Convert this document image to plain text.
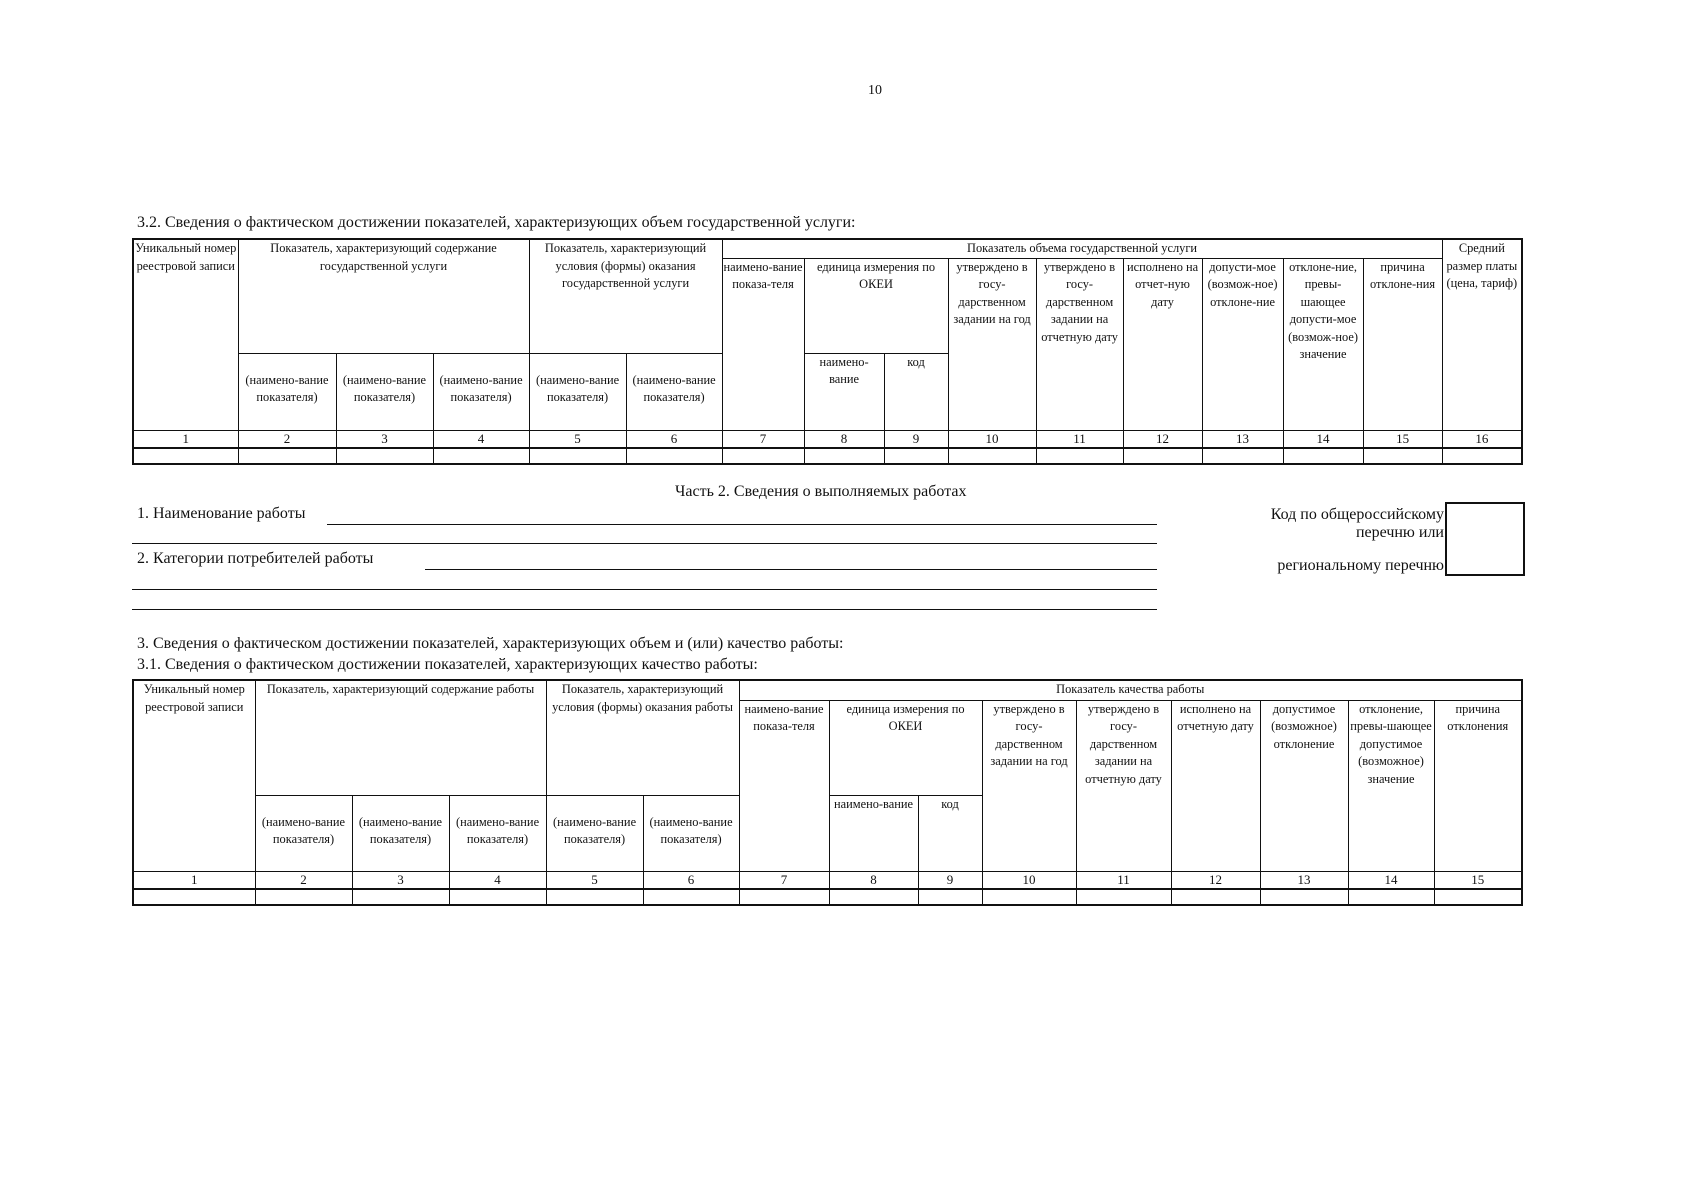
10
3.2. Сведения о фактическом достижении показателей, характеризующих объем государственной услуги:
Уникальный номер реестровой записи	Показатель, характеризующий содержание государственной услуги			Показатель, характеризующий условия (формы) оказания государственной услуги		Показатель объема государственной услуги									Средний размер платы (цена, тариф)
						наимено-вание показа-теля	единица измерения по ОКЕИ		утверждено в госу-дарственном задании на год	утверждено в госу-дарственном задании на отчетную дату	исполнено на отчет-ную дату	допусти-мое (возмож-ное) отклоне-ние	отклоне-ние, превы-шающее допусти-мое (возмож-ное) значение	причина отклоне-ния	
	(наимено-вание показателя)	(наимено-вание показателя)	(наимено-вание показателя)	(наимено-вание показателя)	(наимено-вание показателя)		наимено-вание	код							
1	2	3	4	5	6	7	8	9	10	11	12	13	14	15	16

Часть 2. Сведения о выполняемых работах
1. Наименование работы
2. Категории потребителей работы
Код по общероссийскому
перечню или
региональному перечню
3. Сведения о фактическом достижении показателей, характеризующих объем и (или) качество работы:
3.1. Сведения о фактическом достижении показателей, характеризующих качество работы:
Уникальный номер реестровой записи	Показатель, характеризующий содержание работы			Показатель, характеризующий условия (формы) оказания работы		Показатель качества работы								
						наимено-вание показа-теля	единица измерения по ОКЕИ		утверждено в госу-дарственном задании на год	утверждено в госу-дарственном задании на отчетную дату	исполнено на отчетную дату	допустимое (возможное) отклонение	отклонение, превы-шающее допустимое (возможное) значение	причина отклонения
	(наимено-вание показателя)	(наимено-вание показателя)	(наимено-вание показателя)	(наимено-вание показателя)	(наимено-вание показателя)		наимено-вание	код						
1	2	3	4	5	6	7	8	9	10	11	12	13	14	15
